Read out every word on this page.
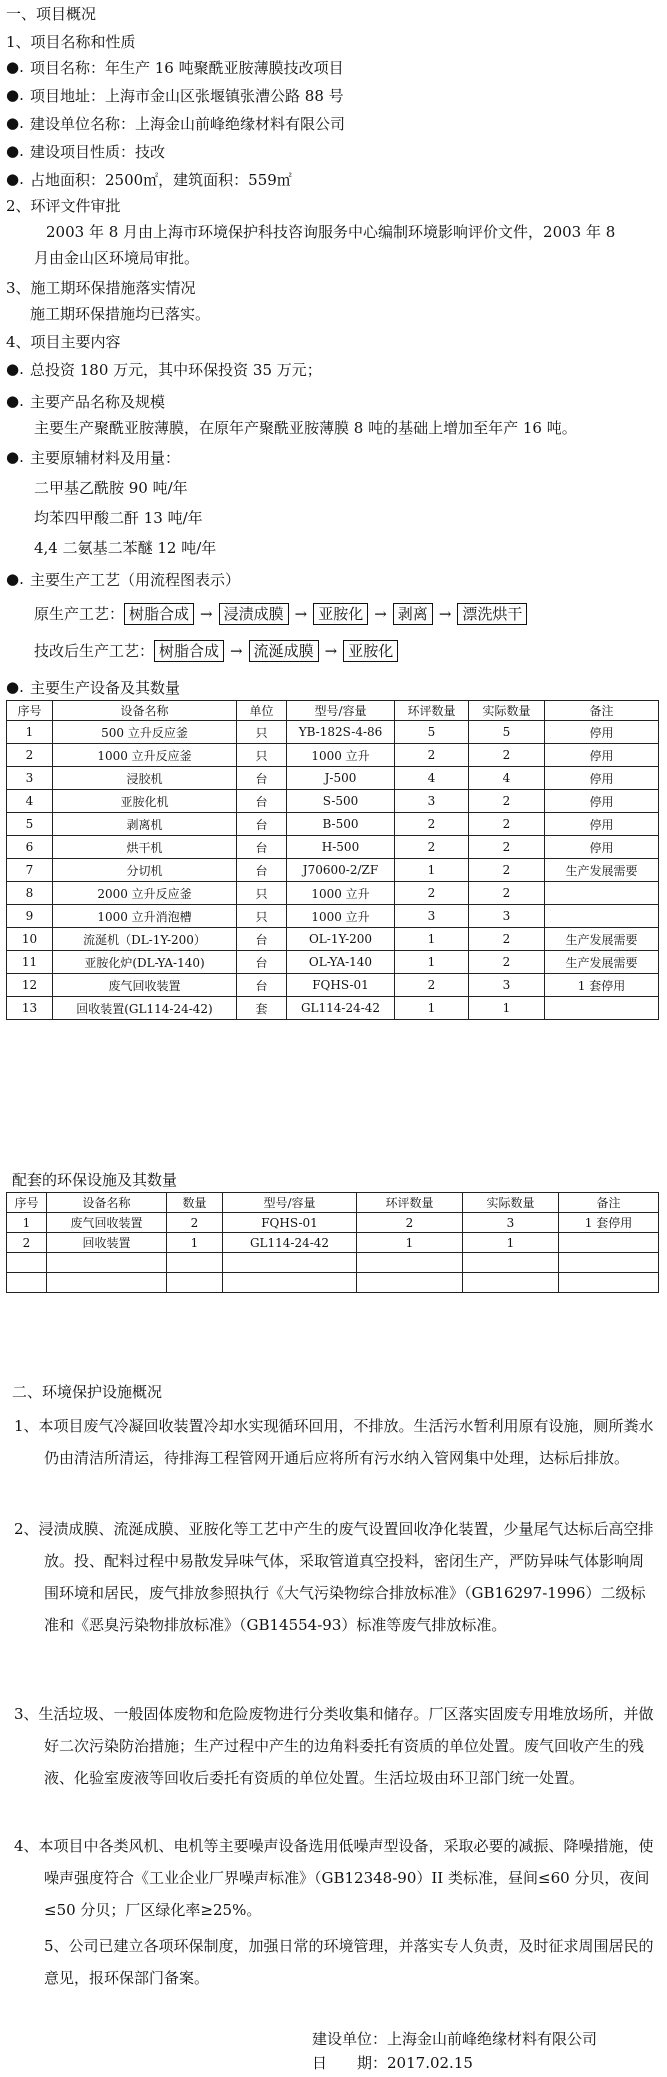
一、项目概况
1、项目名称和性质
●. 项目名称：年生产 16 吨聚酰亚胺薄膜技改项目
●. 项目地址：上海市金山区张堰镇张漕公路 88 号
●. 建设单位名称：上海金山前峰绝缘材料有限公司
●. 建设项目性质：技改
●. 占地面积：2500㎡，建筑面积：559㎡
2、环评文件审批
2003 年 8 月由上海市环境保护科技咨询服务中心编制环境影响评价文件，2003 年 8
月由金山区环境局审批。
3、施工期环保措施落实情况
施工期环保措施均已落实。
4、项目主要内容
●. 总投资 180 万元，其中环保投资 35 万元；
●. 主要产品名称及规模
主要生产聚酰亚胺薄膜，在原年产聚酰亚胺薄膜 8 吨的基础上增加至年产 16 吨。
●. 主要原辅材料及用量：
二甲基乙酰胺 90 吨/年
均苯四甲酸二酐 13 吨/年
4,4 二氨基二苯醚 12 吨/年
●. 主要生产工艺（用流程图表示）
原生产工艺： 树脂合成 → 浸渍成膜 → 亚胺化 → 剥离 → 漂洗烘干
技改后生产工艺： 树脂合成 → 流涎成膜 → 亚胺化
●. 主要生产设备及其数量
序号	设备名称	单位	型号/容量	环评数量	实际数量	备注
1	500 立升反应釜	只	YB-182S-4-86	5	5	停用
2	1000 立升反应釜	只	1000 立升	2	2	停用
3	浸胶机	台	J-500	4	4	停用
4	亚胺化机	台	S-500	3	2	停用
5	剥离机	台	B-500	2	2	停用
6	烘干机	台	H-500	2	2	停用
7	分切机	台	J70600-2/ZF	1	2	生产发展需要
8	2000 立升反应釜	只	1000 立升	2	2	
9	1000 立升消泡槽	只	1000 立升	3	3	
10	流涎机（DL-1Y-200）	台	OL-1Y-200	1	2	生产发展需要
11	亚胺化炉(DL-YA-140)	台	OL-YA-140	1	2	生产发展需要
12	废气回收装置	台	FQHS-01	2	3	1 套停用
13	回收装置(GL114-24-42)	套	GL114-24-42	1	1	
配套的环保设施及其数量
序号	设备名称	数量	型号/容量	环评数量	实际数量	备注
1	废气回收装置	2	FQHS-01	2	3	1 套停用
2	回收装置	1	GL114-24-42	1	1	

二、环境保护设施概况
1、本项目废气冷凝回收装置冷却水实现循环回用，不排放。生活污水暂利用原有设施，厕所粪水仍由清洁所清运，待排海工程管网开通后应将所有污水纳入管网集中处理，达标后排放。
2、浸渍成膜、流涎成膜、亚胺化等工艺中产生的废气设置回收净化装置，少量尾气达标后高空排放。投、配料过程中易散发异味气体，采取管道真空投料，密闭生产，严防异味气体影响周围环境和居民，废气排放参照执行《大气污染物综合排放标准》（GB16297-1996）二级标准和《恶臭污染物排放标准》（GB14554-93）标准等废气排放标准。
3、生活垃圾、一般固体废物和危险废物进行分类收集和储存。厂区落实固废专用堆放场所，并做好二次污染防治措施；生产过程中产生的边角料委托有资质的单位处置。废气回收产生的残液、化验室废液等回收后委托有资质的单位处置。生活垃圾由环卫部门统一处置。
4、本项目中各类风机、电机等主要噪声设备选用低噪声型设备，采取必要的减振、降噪措施，使噪声强度符合《工业企业厂界噪声标准》（GB12348-90）II 类标准，昼间≤60 分贝，夜间≤50 分贝；厂区绿化率≥25%。
5、公司已建立各项环保制度，加强日常的环境管理，并落实专人负责，及时征求周围居民的意见，报环保部门备案。
建设单位：上海金山前峰绝缘材料有限公司
日　　期：2017.02.15
